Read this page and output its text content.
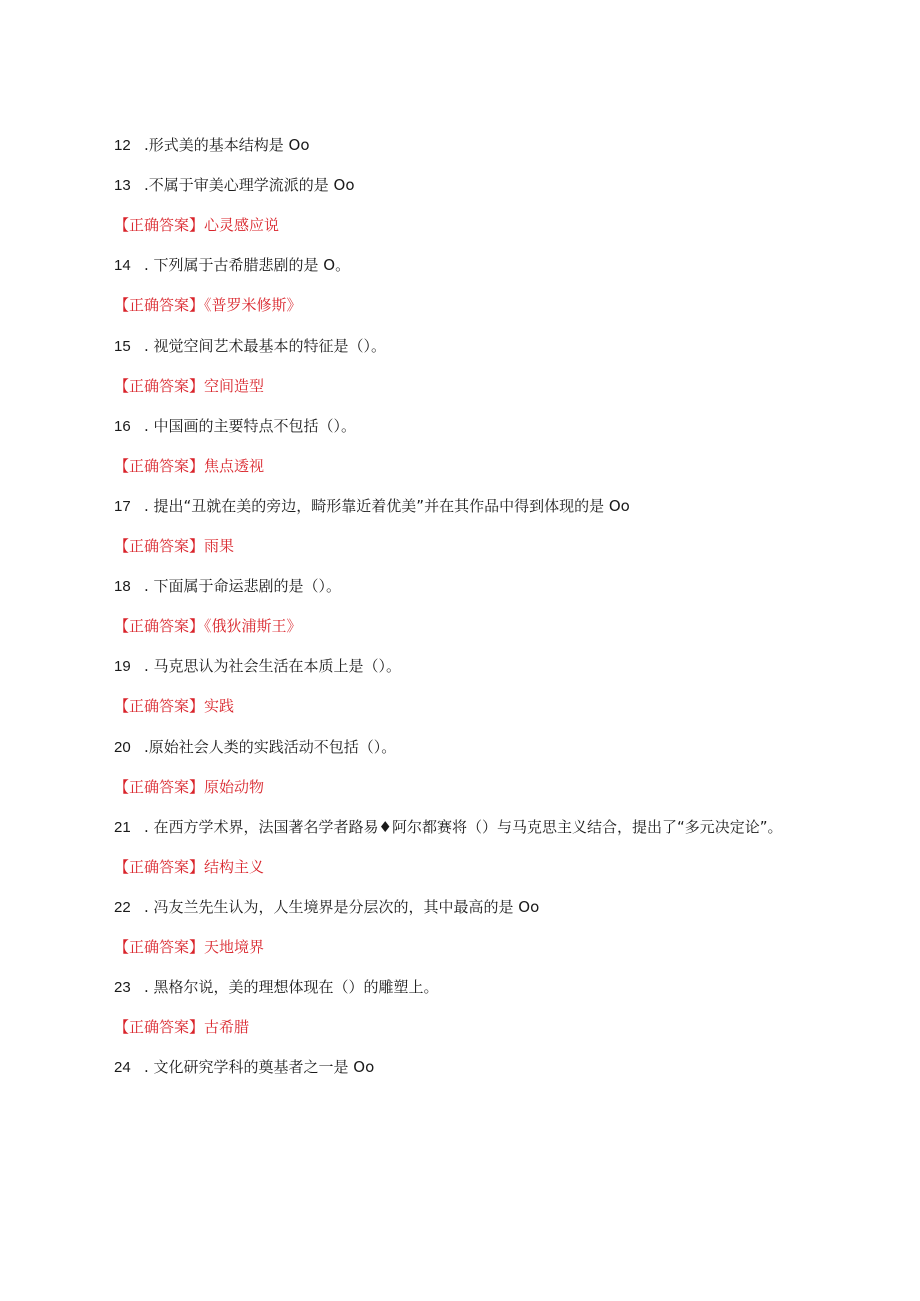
12 .形式美的基本结构是 Oo
13 .不属于审美心理学流派的是 Oo
【正确答案】心灵感应说
14 . 下列属于古希腊悲剧的是 O。
【正确答案】《普罗米修斯》
15 . 视觉空间艺术最基本的特征是（）。
【正确答案】空间造型
16 . 中国画的主要特点不包括（）。
【正确答案】焦点透视
17 . 提出“丑就在美的旁边，畸形靠近着优美”并在其作品中得到体现的是 Oo
【正确答案】雨果
18 . 下面属于命运悲剧的是（）。
【正确答案】《俄狄浦斯王》
19 . 马克思认为社会生活在本质上是（）。
【正确答案】实践
20 .原始社会人类的实践活动不包括（）。
【正确答案】原始动物
21 . 在西方学术界，法国著名学者路易♦阿尔都赛将（）与马克思主义结合，提出了“多元决定论”。
【正确答案】结构主义
22 . 冯友兰先生认为，人生境界是分层次的，其中最高的是 Oo
【正确答案】天地境界
23 . 黑格尔说，美的理想体现在（）的雕塑上。
【正确答案】古希腊
24 . 文化研究学科的奠基者之一是 Oo
